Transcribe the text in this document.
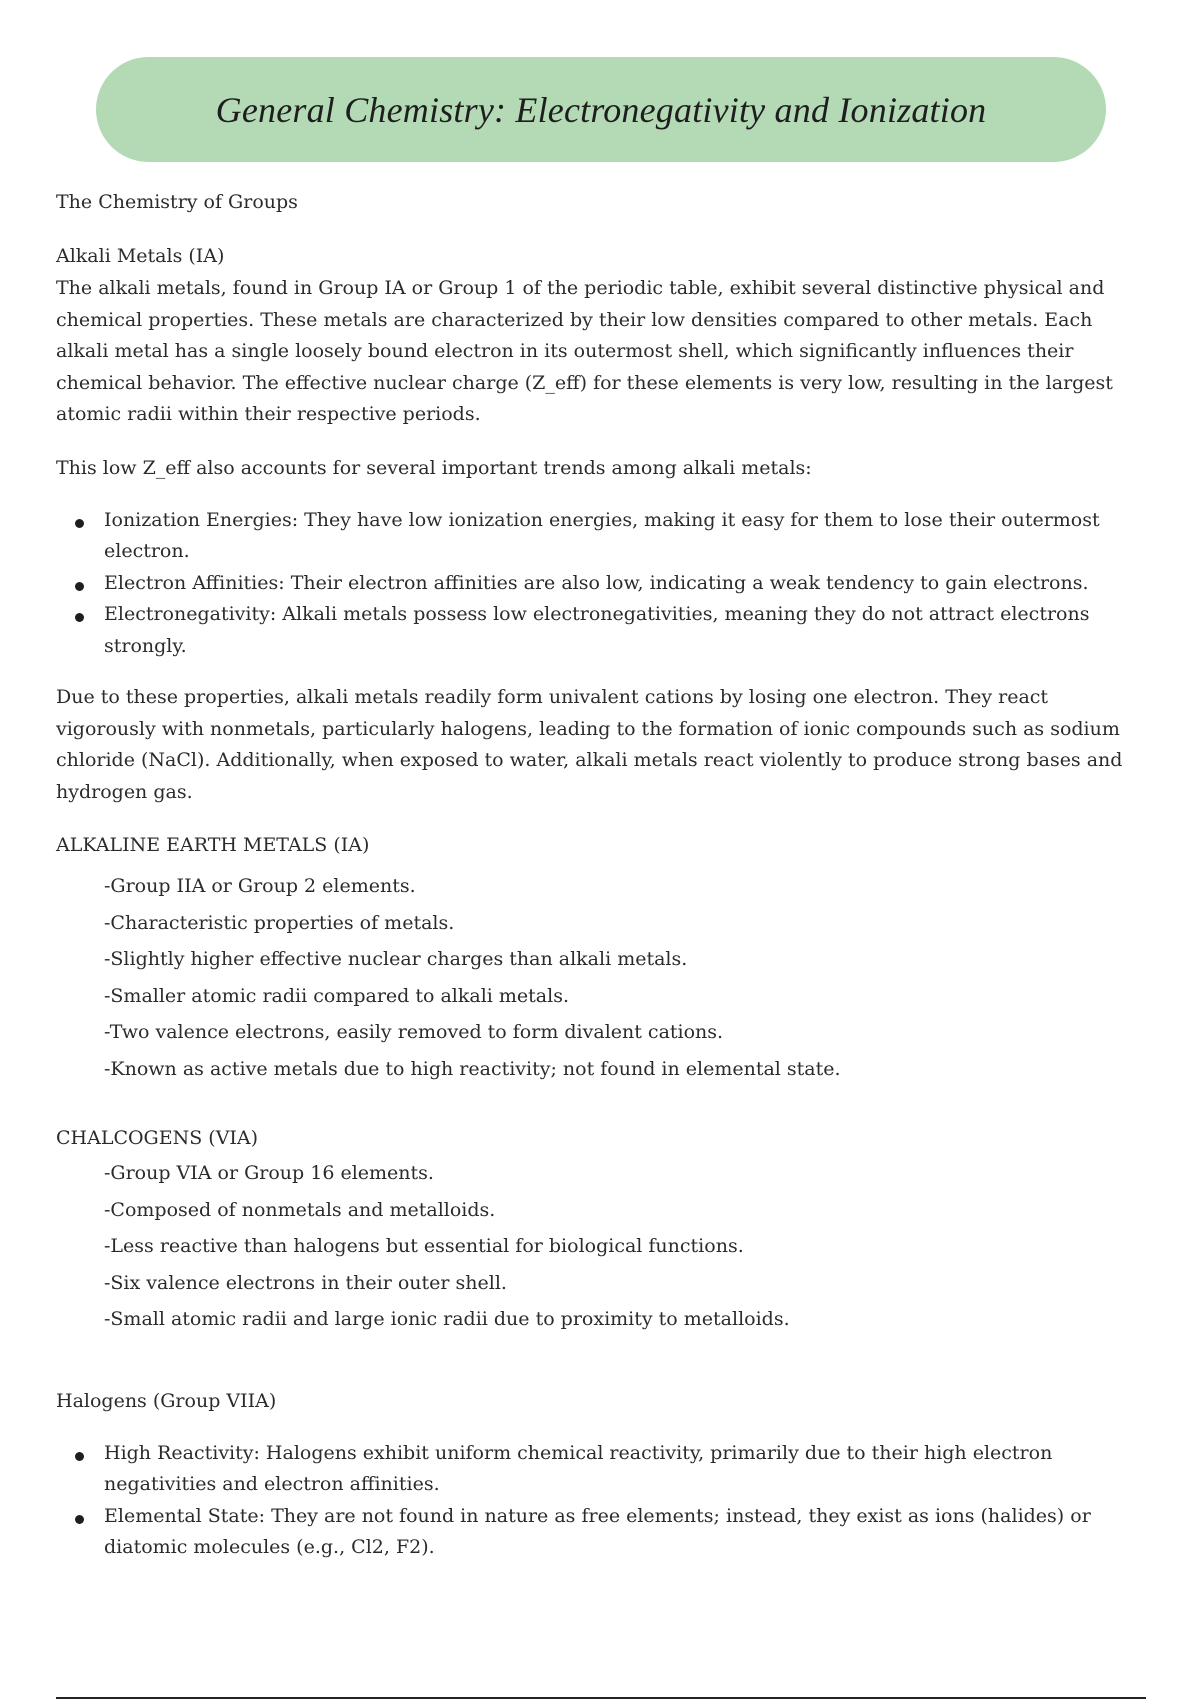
General Chemistry: Electronegativity and Ionization

The Chemistry of Groups

Alkali Metals (IA)

The alkali metals, found in Group IA or Group 1 of the periodic table, exhibit several distinctive physical and chemical properties. These metals are characterized by their low densities compared to other metals. Each alkali metal has a single loosely bound electron in its outermost shell, which significantly influences their chemical behavior. The effective nuclear charge (Z_eff) for these elements is very low, resulting in the largest atomic radii within their respective periods.

This low Z_eff also accounts for several important trends among alkali metals:

Ionization Energies: They have low ionization energies, making it easy for them to lose their outermost electron.
Electron Affinities: Their electron affinities are also low, indicating a weak tendency to gain electrons.
Electronegativity: Alkali metals possess low electronegativities, meaning they do not attract electrons strongly.

Due to these properties, alkali metals readily form univalent cations by losing one electron. They react vigorously with nonmetals, particularly halogens, leading to the formation of ionic compounds such as sodium chloride (NaCl). Additionally, when exposed to water, alkali metals react violently to produce strong bases and hydrogen gas.

ALKALINE EARTH METALS (IA)

-Group IIA or Group 2 elements.
-Characteristic properties of metals.
-Slightly higher effective nuclear charges than alkali metals.
-Smaller atomic radii compared to alkali metals.
-Two valence electrons, easily removed to form divalent cations.
-Known as active metals due to high reactivity; not found in elemental state.

CHALCOGENS (VIA)

-Group VIA or Group 16 elements.
-Composed of nonmetals and metalloids.
-Less reactive than halogens but essential for biological functions.
-Six valence electrons in their outer shell.
-Small atomic radii and large ionic radii due to proximity to metalloids.

Halogens (Group VIIA)

High Reactivity: Halogens exhibit uniform chemical reactivity, primarily due to their high electron negativities and electron affinities.
Elemental State: They are not found in nature as free elements; instead, they exist as ions (halides) or diatomic molecules (e.g., Cl2, F2).
